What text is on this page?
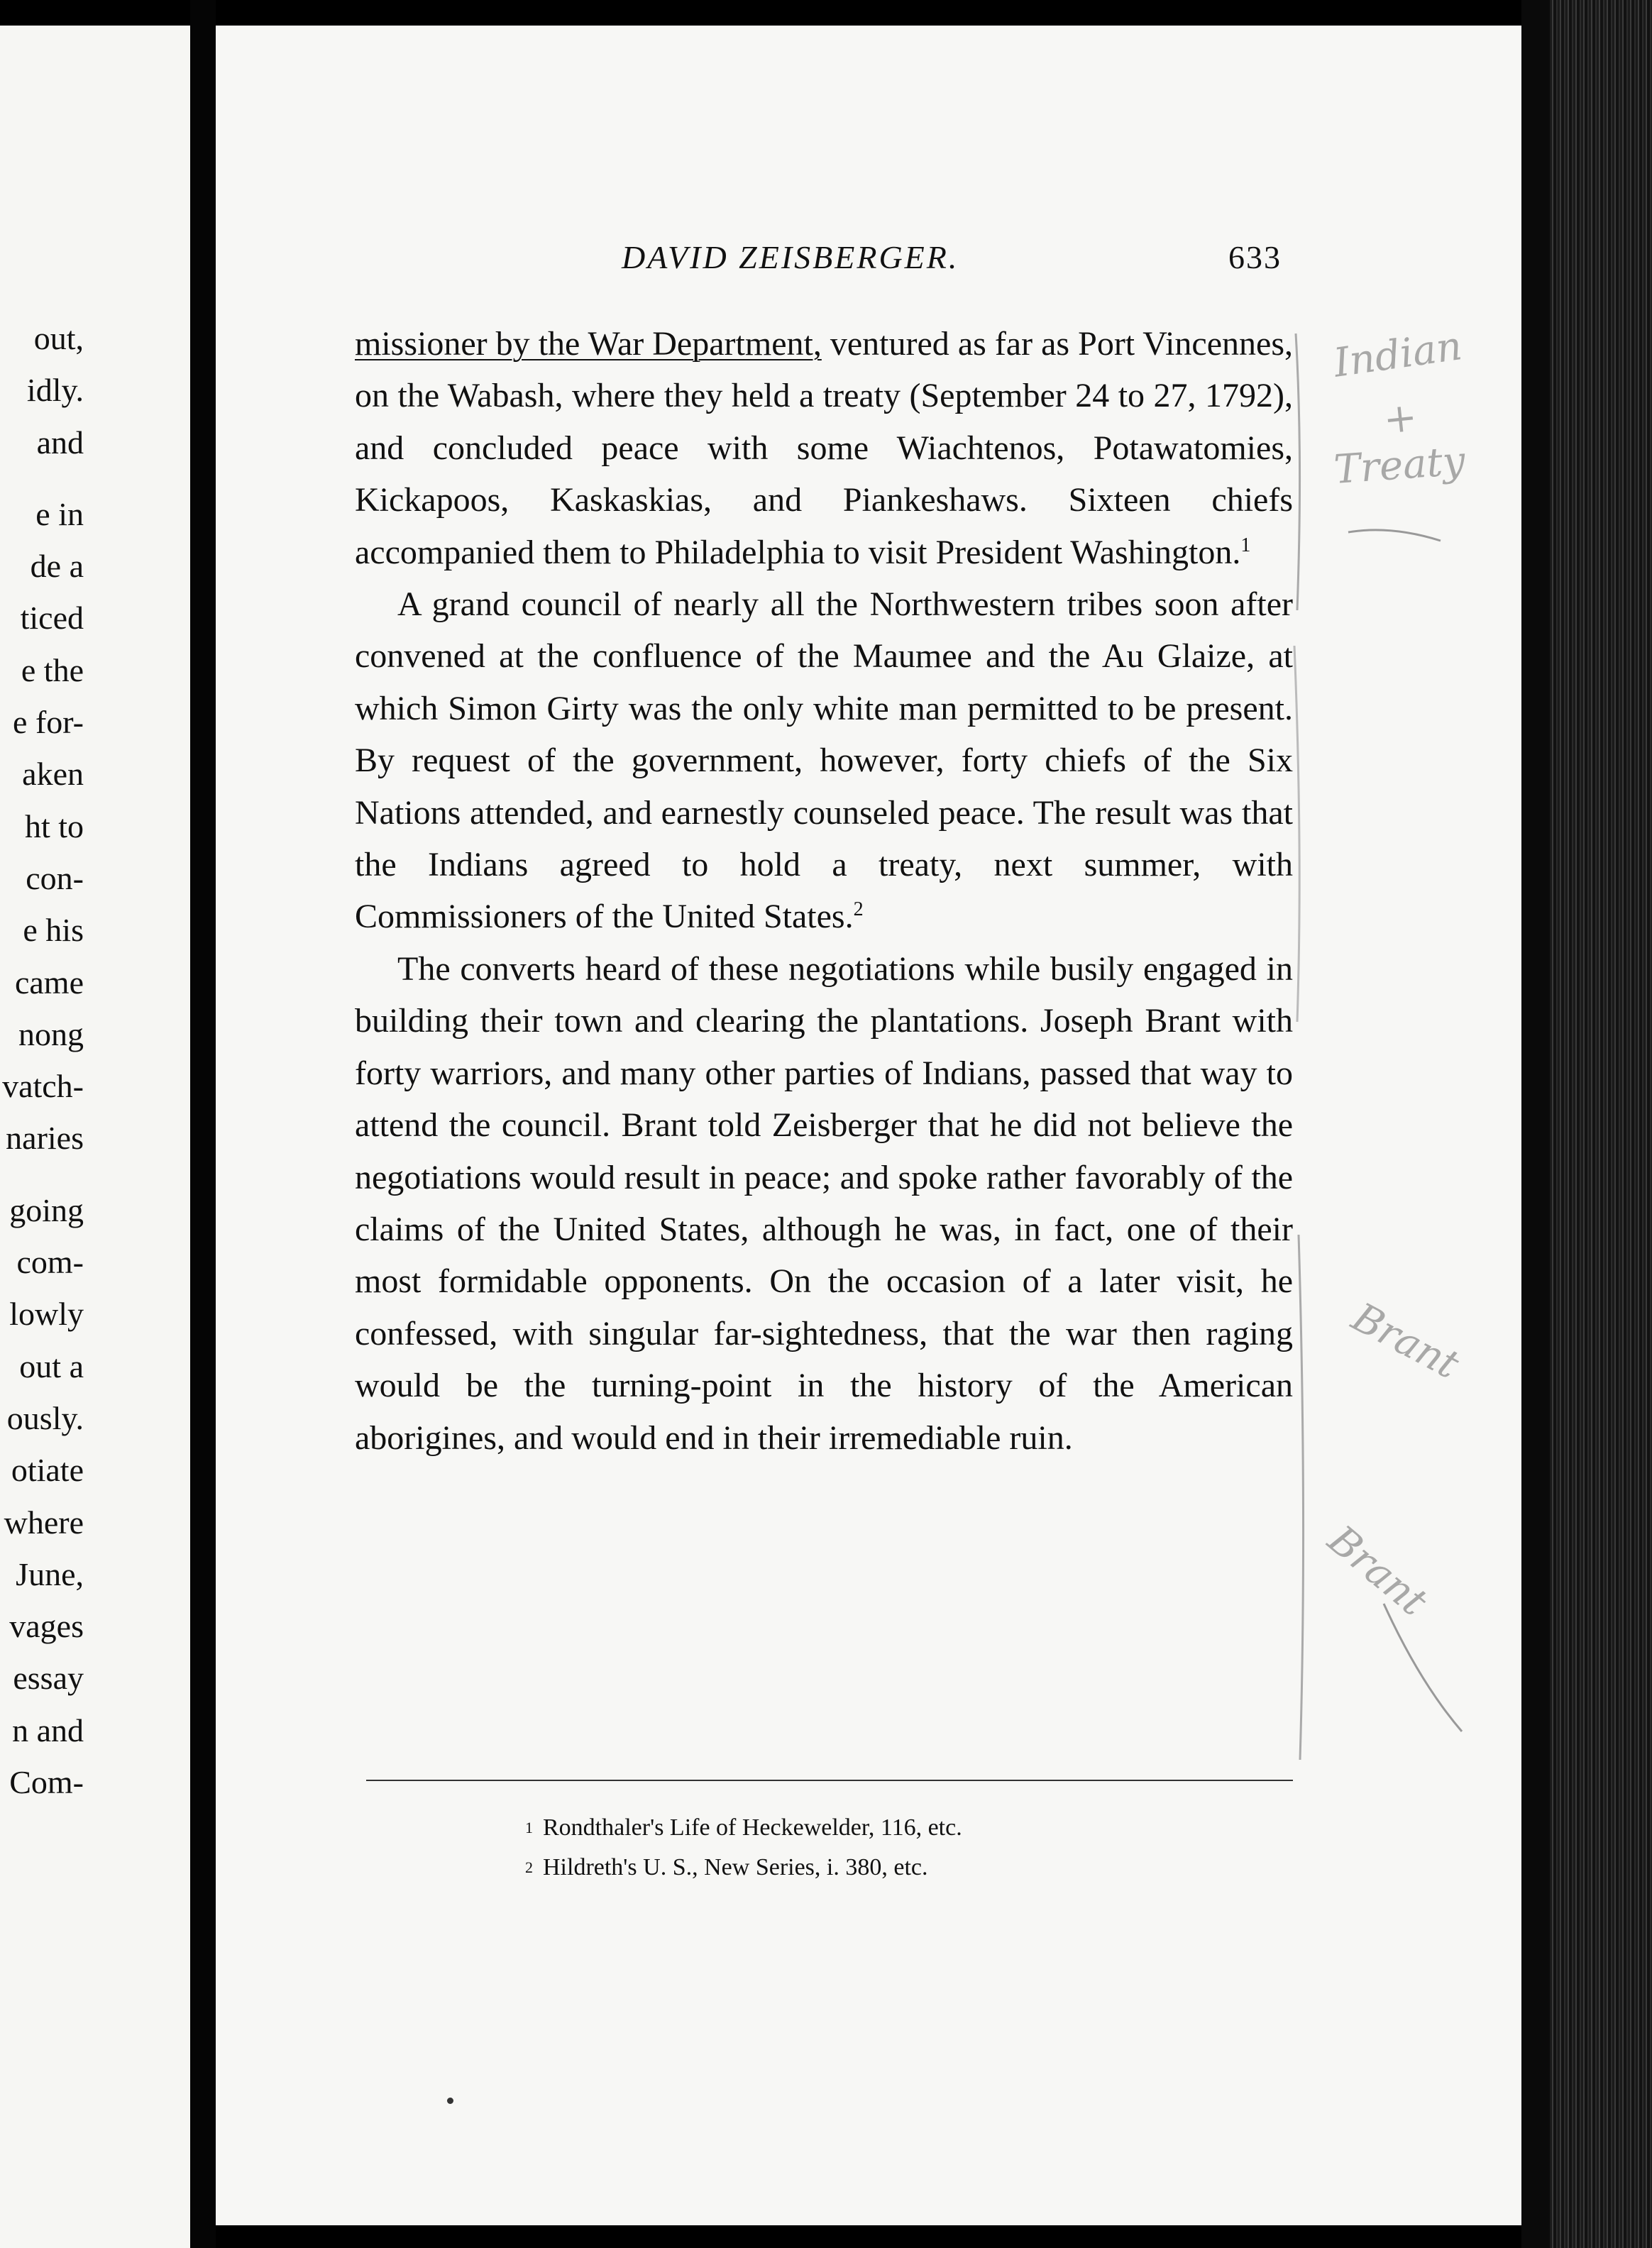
out,
idly.
and
e in
de a
ticed
e the
e for-
aken
ht to
con-
e his
came
nong
vatch-
naries
going
com-
lowly
out a
ously.
otiate
where
June,
vages
essay
n and
Com-
DAVID ZEISBERGER.	633

missioner by the War Department, ventured as far as Port Vincennes, on the Wabash, where they held a treaty (September 24 to 27, 1792), and concluded peace with some Wiachtenos, Potawatomies, Kickapoos, Kaskaskias, and Piankeshaws. Sixteen chiefs accompanied them to Philadelphia to visit President Washington.$^1$

A grand council of nearly all the Northwestern tribes soon after convened at the confluence of the Maumee and the Au Glaize, at which Simon Girty was the only white man permitted to be present. By request of the government, however, forty chiefs of the Six Nations attended, and earnestly counseled peace. The result was that the Indians agreed to hold a treaty, next summer, with Commissioners of the United States.$^2$

The converts heard of these negotiations while busily engaged in building their town and clearing the plantations. Joseph Brant with forty warriors, and many other parties of Indians, passed that way to attend the council. Brant told Zeisberger that he did not believe the negotiations would result in peace; and spoke rather favorably of the claims of the United States, although he was, in fact, one of their most formidable opponents. On the occasion of a later visit, he confessed, with singular far-sightedness, that the war then raging would be the turning-point in the history of the American aborigines, and would end in their irremediable ruin.

$^1$ Rondthaler's Life of Heckewelder, 116, etc.
$^2$ Hildreth's U. S., New Series, i. 380, etc.
Indian
+
Treaty
Brant
Brant
